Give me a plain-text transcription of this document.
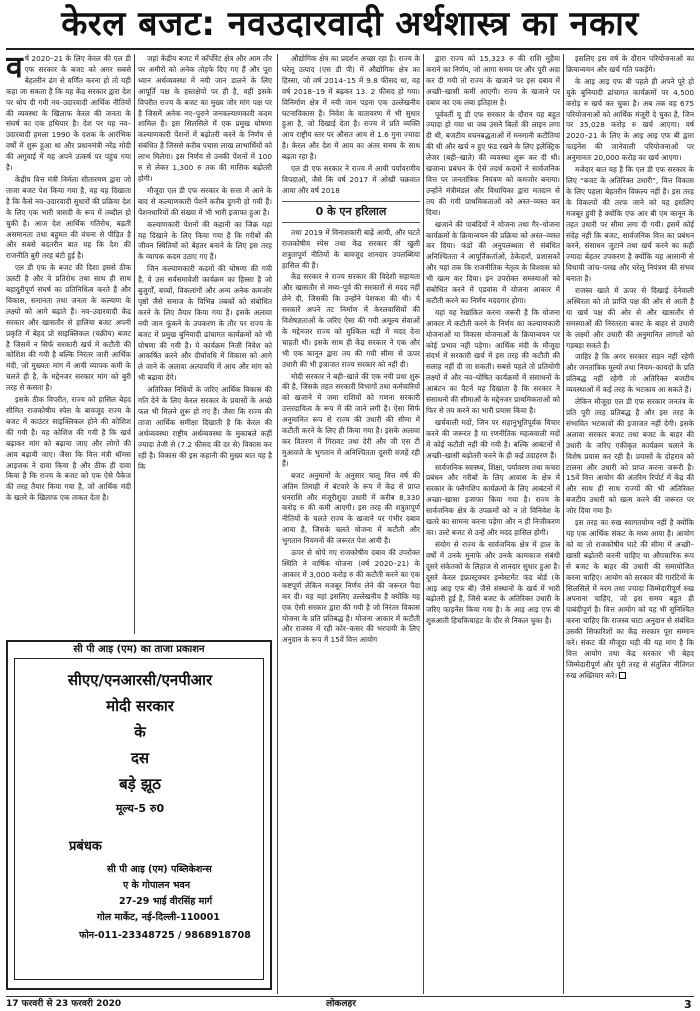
केरल बजट: नवउदारवादी अर्थशास्त्र का नकार

वर्ष 2020–21 के लिए केरल की एल डी एफ सरकार के बजट को अगर सबसे बेहतरीन ढंग से वर्णित करना हो तो यही कहा जा सकता है कि यह केंद्र सरकार द्वारा देश पर थोप दी गयी नव–उदारवादी आर्थिक नीतियों की व्यवस्था के खिलाफ केरल की जनता के संघर्ष का एक हथियार है। देश पर यह नव–उदारवादी हमला 1990 के दशक के आरंभिक वर्षों में शुरू हुआ था और प्रधानमंत्री नरेंद्र मोदी की अगुवाई में यह अपने उत्कर्ष पर पहुंच गया है।

केंद्रीय वित्त मंत्री निर्मला सीतारमण द्वारा जो ताजा बजट पेश किया गया है, वह यह दिखाता है कि कैसे नव–उदारवादी सुधारों की प्रक्रिया देश के लिए एक भारी त्रासदी के रूप में तब्दील हो चुकी है। आज देश आर्थिक गतिरोध, बढ़ती असमानता तथा बहुमत की वंचना से पीड़ित है और सबसे बदतरीन बात यह कि देश की राजनीति बुरी तरह बंटी हुई है।

एल डी एफ के बजट की दिशा इससे ठीक उलटी है और वे प्रतिरोध तथा साथ ही साथ बहादुरीपूर्ण संघर्ष का प्रतिनिधित्व करते हैं और विकास, समानता तथा जनता के कल्याण के लक्ष्यों को आगे बढ़ाते हैं। नव–उदारवादी केंद्र सरकार और खासतौर से हालिया बजट अपनी प्रकृति में बेहद प्रो साइक्लिकल (चक्रीय) बजट है जिसमें न सिर्फ सरकारी खर्च में कटौती की कोशिश की गयी है बल्कि निरंतर जारी आर्थिक मंदी, जो मुख्यतः मांग में आयी व्यापक कमी के चलते ही है, के मद्देनजर सरकार मांग को बुरी तरह से कसता है।

इसके ठीक विपरीत, राज्य को हासिल बेहद सीमित राजकोषीय स्पेस के बावजूद राज्य के बजट में काउंटर साइक्लिकल होने की कोशिश की गयी है। यह कोशिश की गयी है कि खर्च बढ़ाकर मांग को बढ़ाया जाए और लोगों की आय बढ़ायी जाए। जैसा कि वित्त मंत्री थॉमस आइजक ने दावा किया है और ठीक ही दावा किया है कि राज्य के बजट को एक ऐसे पैकेज की तरह तैयार किया गया है, जो आर्थिक मंदी के खतरे के खिलाफ एक ताकत देता है।

जहां केंद्रीय बजट में कॉर्पोरेट क्षेत्र और आम तौर पर अमीरों को अनेक तोहफे दिए गए हैं और पूरा ध्यान अर्थव्यवस्था में नयी जान डालने के लिए आपूर्ति पक्ष के हस्तक्षेपों पर ही है, वहीं इसके विपरीत राज्य के बजट का मुख्य जोर मांग पक्ष पर है जिसमें अनेक नए–पुराने जनकल्याणकारी कदम शामिल हैं। इस सिलसिले में एक प्रमुख घोषणा कल्याणकारी पेंशनों में बढ़ोतरी करने के निर्णय से संबंधित है जिससे करीब पचास लाख लाभार्थियों को लाभ मिलेगा। इस निर्णय से उनकी पेंशनों में 100 रु से लेकर 1,300 रु तक की मासिक बढ़ोतरी होगी।

मौजूदा एल डी एफ सरकार के सत्ता में आने के बाद से कल्याणकारी पेंशनें करीब दुगनी हो गयी हैं। पेंशनधारियों की संख्या में भी भारी इजाफा हुआ है।

कल्याणकारी पेंशनों की कहानी का जिक्र यहां यह दिखाने के लिए किया गया है कि गरीबों की जीवन स्थितियों को बेहतर बनाने के लिए इस तरह के व्यापक कदम उठाए गए हैं।

जिन कल्याणकारी कदमों की घोषणा की गयी है, वे उस सर्वसमावेशी कार्यक्रम का हिस्सा है जो बुजुर्गों, बच्चों, विकलांगों और अन्य अनेक कमजोर पृष्ठों जैसे समाज के विभिन्न तबकों को संबोधित करने के लिए तैयार किया गया है। इसके अलावा नयी जान फूंकने के उपकरण के तौर पर राज्य के बजट में प्रमुख बुनियादी ढांचागत कार्यक्रमों को भी घोषणा की गयी है। ये कार्यक्रम निजी निवेश को आकर्षित करने और दीर्घावधि में विकास को आगे ले जाने के अलावा अल्पावधि में आय और मांग को भी बढ़ावा देंगे।

अतिरिक्त निधियों के जरिए आर्थिक विकास की गति देने के लिए केरल सरकार के प्रयासों के अच्छे फल भी मिलने शुरू हो गए हैं। जैसा कि राज्य की ताजा आर्थिक समीक्षा दिखाती है कि केरल की अर्थव्यवस्था राष्ट्रीय अर्थव्यवस्था के मुकाबले कहीं ज्यादा तेजी से (7.2 फीसद की दर से) विकास कर रही है। विकास की इस कहानी की मुख्य बात यह है कि

औद्योगिक क्षेत्र का प्रदर्शन अच्छा रहा है। राज्य के घरेलू उत्पाद (एस डी पी) में औद्योगिक क्षेत्र का हिस्सा, जो वर्ष 2014–15 में 9.8 फीसद था, वह वर्ष 2018–19 में बढ़कर 13. 2 फीसद हो गया। विनिर्माण क्षेत्र में नयी जान पड़ना एक उल्लेखनीय घटनाविकास है। निवेश के वातावरण में भी सुधार हुआ है, जो दिखाई देता है। राज्य में प्रति व्यक्ति आय राष्ट्रीय स्तर पर औसत आय से 1.6 गुना ज्यादा है। केरल और देश में आय का अंतर समय के साथ बढ़ता रहा है।

एल डी एफ सरकार ने राज्य में आयी पर्यावरणीय विपदाओं, जैसे कि वर्ष 2017 में ओखी चक्रवात आया और वर्ष 2018

0 के एन हरिलाल

तथा 2019 में विनाशकारी बाढ़ें आयी, और घटते राजकोषीय स्पेस तथा केंद्र सरकार की खुली शत्रुतापूर्ण नीतियों के बावजूद शानदार उपलब्धियां हासिल की हैं।

केंद्र सरकार ने राज्य सरकार की विदेशी सहायता और खासतौर से मध्य–पूर्व की सरकारों से मदद नहीं लेने दी, जिसकी कि उन्होंने पेशकश की थी। ये सरकारें अपने तट निर्माण में केरलवासियों की विशेषज्ञताओं के जरिए ऐसा की गयी अमूल्य सेवाओं के मद्देनजर राज्य को मुश्किल घड़ी में मदद देना चाहती थी। इसके साथ ही केंद्र सरकार ने एक और भी एक कानून द्वारा तय की गयी सीमा से ऊपर उधारी की भी इजाजत राज्य सरकार को नहीं दी।

मोदी सरकार ने बही–खाते की एक नयी प्रथा शुरू की है, जिसके तहत सरकारी विभागों तथा कर्मचारियों को खजाने में जमा राशियों को गणना सरकारी उत्तरदायित्व के रूप में की जाने लगी है। ऐसा सिर्फ अनुमानित रूप से राज्य की उधारी की सीमा में कटौती करने के लिए ही किया गया है। इसके अलावा कर वितरण में गिरावट तथा देरी और जी एस टी मुआवजे के भुगतान में अनिश्चितता दूसरी वजहें रही हैं।

बजट अनुमानों के अनुसार चालू वित्त वर्ष की अंतिम तिमाही में बंटवारे के रूप में केंद्र से प्राप्त धनराशि और मंजूरीशुदा उधारी में करीब 8,330 करोड़ रु की कमी आएगी। इस तरह की शत्रुतापूर्ण नीतियों के चलते राज्य के खजाने पर गंभीर दबाव आया है, जिसके चलते योजना में कटौती और भुगतान नियमनों की जरूरत पेश आयी है।

ऊपर से थोपे गए राजकोषीय दबाव की उपरोक्त स्थिति ने वार्षिक योजना (वर्ष 2020–21) के आकार में 3,000 करोड़ रु की कटौती करने का एक कष्टपूर्ण लेकिन मजबूर निर्णय लेने की जरूरत पैदा कर दी। यह यहां इसलिए उल्लेखनीय है क्योंकि यह एक ऐसी सरकार द्वारा की गयी है जो निरंतर विकास योजना के प्रति प्रतिबद्ध है। योजना आकार में कटौती और राजस्व में रही कोर–कसर की भरपायी के लिए अनुदान के रूप में 15वें वित्त आयोग

द्वारा राज्य को 15,323 रु की राशि मुहैया कराने का निर्णय, जो आगा समय पर और पूरी अदा कर दी गयी तो राज्य के खजाने पर इस दबाव में अच्छी–खासी कमी आएगी। राज्य के खजाने पर दबाव का एक लंबा इतिहास है।

पूर्ववर्ती यू डी एफ सरकार के दौरान यह बहुत ज्यादा हो गया था जब उसने बिलों की लाइन लगा दी थी, बजटीय वचनबद्धताओं में मनमानी कटौतियां की थी और खर्च न हुए फंड रखने के लिए इलेक्ट्रिक लेजर (बही–खाते) की व्यवस्था शुरू कर दी थी। खजाना प्रबंधन के ऐसे तदर्थ कदमों ने सार्वजनिक वित्त पर जनतांत्रिक नियंत्रण को कमजोर बनाया। उन्होंने मंत्रीमंडल और विधायिका द्वारा मतदान से तय की गयी प्राथमिकताओं को अस्त–व्यस्त कर दिया।

खजाने की पाबंदियों ने योजना तथा गैर–योजना कार्यक्रमों के क्रियान्वयन की प्रक्रिया को अस्त–व्यस्त कर दिया। फंडों की अनुपलब्धता से संबंधित अनिश्चितता ने आपूर्तिकर्ताओं, ठेकेदारों, प्रशासकों और यहां तक कि राजनीतिक नेतृत्व के विश्वास को भी खत्म कर दिया। इन उपरोक्त समस्याओं को संबोधित करने में एडवांस में योजना आकार में कटौती करने का निर्णय मददगार होगा।

यहां यह रेखांकित करना जरूरी है कि योजना आकार में कटौती करने के निर्णय का कल्याणकारी योजनाओं या विकास योजनाओं के क्रियान्वयन पर कोई प्रभाव नहीं पड़ेगा। आर्थिक मंदी के मौजूदा संदर्भ में सरकारी खर्च में इस तरह की कटौती की सलाह नहीं दी जा सकती। सबसे पहले तो प्रतियोगी लक्ष्यों में और नव–घोषित कार्यक्रमों में संसाधनों के आबंटन का पैटर्न यह दिखाता है कि सरकार ने संसाधनों की सीमाओं के मद्देनजर प्राथमिकताओं को फिर से तय करने का भारी प्रयास किया है।

खर्चवाली मदों, जिन पर सहानुभूतिपूर्वक विचार करने की जरूरत है या रणनीतिक महत्ववाली मदों में कोई कटौती नहीं की गयी है। बल्कि आबंटनों में अच्छी–खासी बढ़ोतरी करने के ही कई उदाहरण हैं।

सार्वजनिक स्वास्थ्य, शिक्षा, पर्यावरण तथा कचरा प्रबंधन और गरीबों के लिए आवास के क्षेत्र में सरकार के फ्लैगशिप कार्यक्रमों के लिए आबंटनों में अच्छा–खासा इजाफा किया गया है। राज्य के सार्वजनिक क्षेत्र के उपक्रमों को न तो विनिवेश के खतरे का सामना करना पड़ेगा और न ही निजीकरण का। उल्टे बजट से उन्हें और मदद हासिल होगी।

संयोग से राज्य के सार्वजनिक क्षेत्र में हाल के वर्षों में उनके मुनाफे और उनके कामकाज संबंधी दूसरे संकेतकों के लिहाज से शानदार सुधार हुआ है। दूसरे केरल इंफ्रास्ट्रक्चर इन्वेस्टमेंट फंड बोर्ड (के आइ आइ एफ बी) जैसे संस्थानों के खर्च में भारी बढ़ोतरी हुई है, जिसे बजट के अतिरिक्त उधारी के जरिए फाइनेंस किया गया है। के आइ आइ एफ बी शुरुआती हिचकिचाहट के दौर से निकल चुका है।

इसलिए इस वर्ष के दौरान परियोजनाओं का क्रियान्वयन और खर्च गति पकड़ेंगे।

के आइ आइ एफ बी पहले ही अपने पूरे हो चुके बुनियादी ढांचागत कार्यक्रमों पर 4,500 करोड़ रु खर्च कर चुका है। अब तक वह 675 परियोजनाओं को आर्थिक मंजूरी दे चुका है, जिन पर 35,028 करोड़ रु खर्च आएगा। वर्ष 2020–21 के लिए के आइ आइ एफ बी द्वारा फाइनेंस की जानेवाली परियोजनाओं पर अनुमानतः 20,000 करोड़ का खर्च आएगा।

मजेदार बात यह है कि एल डी एफ सरकार के लिए “बजट के अतिरिक्त उधारी”, वित्त विकास के लिए पहला बेहतरीन विकल्प नहीं है। इस तरह के विकल्पों की तरफ जाने को यह इसलिए मजबूर हुयी है क्योंकि एफ आर बी एम कानून के तहत उधारी पर सीमा लगा दी गयी। इसमें कोई संदेह नहीं कि बजट, सार्वजनिक वित्त का प्रबंधन करने, संसाधन जुटाने तथा खर्च करने का कहीं ज्यादा बेहतर उपकरण है क्योंकि यह आसानी से विधायी जांच–परख और घरेलू नियंत्रण की संभव बनाता है।

राजस्व खाते में ऊपर से दिखाई देनेवाली अस्थिरता को तो प्राप्ति पक्ष की ओर से आती है या खर्च पक्ष की ओर से और खासतौर से समस्याओं की निरंतरता बजट के बाहर से उधारी के लक्ष्यों और उधारी की अनुमानित लागतों को गड़बड़ा सकते हैं।

जाहिर है कि अगर सरकार सड़न नहीं रहेगी और जनतांत्रिक मूल्यों तथा नियम–कायदों के प्रति प्रतिबद्ध नहीं रहेगी तो अतिरिक्त बजटीय व्यवस्थाओं में कई तरह के भटकाव आ सकते हैं।

लेकिन मौजूदा एल डी एफ सरकार जनतंत्र के प्रति पूरी तरह प्रतिबद्ध है और इस तरह के संभावित भटकावों की इजाजत नहीं देगी। इसके अलावा सरकार बजट तथा बजट के बाहर की उधारी के जरिए एकीकृत कार्यक्रम चलाने के विशेष प्रयास कर रही है। प्रयासों के दोहराव को टालना और उधारी को प्राप्त करना जरूरी है। 15वें वित्त आयोग की अंतरिम रिपोर्ट में केंद्र की और साथ ही साथ राज्यों की भी अतिरिक्त बजटीय उधारी को खत्म करने की जरूरत पर जोर दिया गया है।

इस तरह का रुख स्वागतयोग्य नहीं है क्योंकि यह एक आर्थिक संकट के मध्य आया है। आयोग को या तो राजकोषीय घाटे की सीमा में अच्छी–खासी बढ़ोतरी करनी चाहिए या औपचारिक रूप से बजट के बाहर की उधारी की समायोजित करना चाहिए। आयोग को सरकार की गारंटियों के सिलसिले में नरम तथा ज्यादा जिम्मेदारीपूर्ण रुख अपनाना चाहिए, जो इस समय बहुत ही पाबंदीपूर्ण है। वित्त आयोग को यह भी सुनिश्चित करना चाहिए कि राजस्व घाटा अनुदान से संबंधित उसकी सिफारिशों का केंद्र सरकार पूरा सम्मान करे। संकट की मौजूदा घड़ी की यह मांग है कि वित्त आयोग तथा केंद्र सरकार भी बेहद जिम्मेदारीपूर्ण और पूरी तरह से संतुलित नीतिगत रुख अख्तियार करे।

सी पी आइ (एम) का ताजा प्रकाशन
सीएए/एनआरसी/एनपीआर
मोदी सरकार
के
दस
बड़े झूठ
मूल्य-5 रु0
प्रबंधक
सी पी आइ (एम) पब्लिकेशन्स
ए के गोपालन भवन
27-29 भाई वीरसिंह मार्ग
गोल मार्केट, नई-दिल्ली-110001
फोन-011-23348725 / 9868918708
17 फरवरी से 23 फरवरी 2020	लोकलहर	3
